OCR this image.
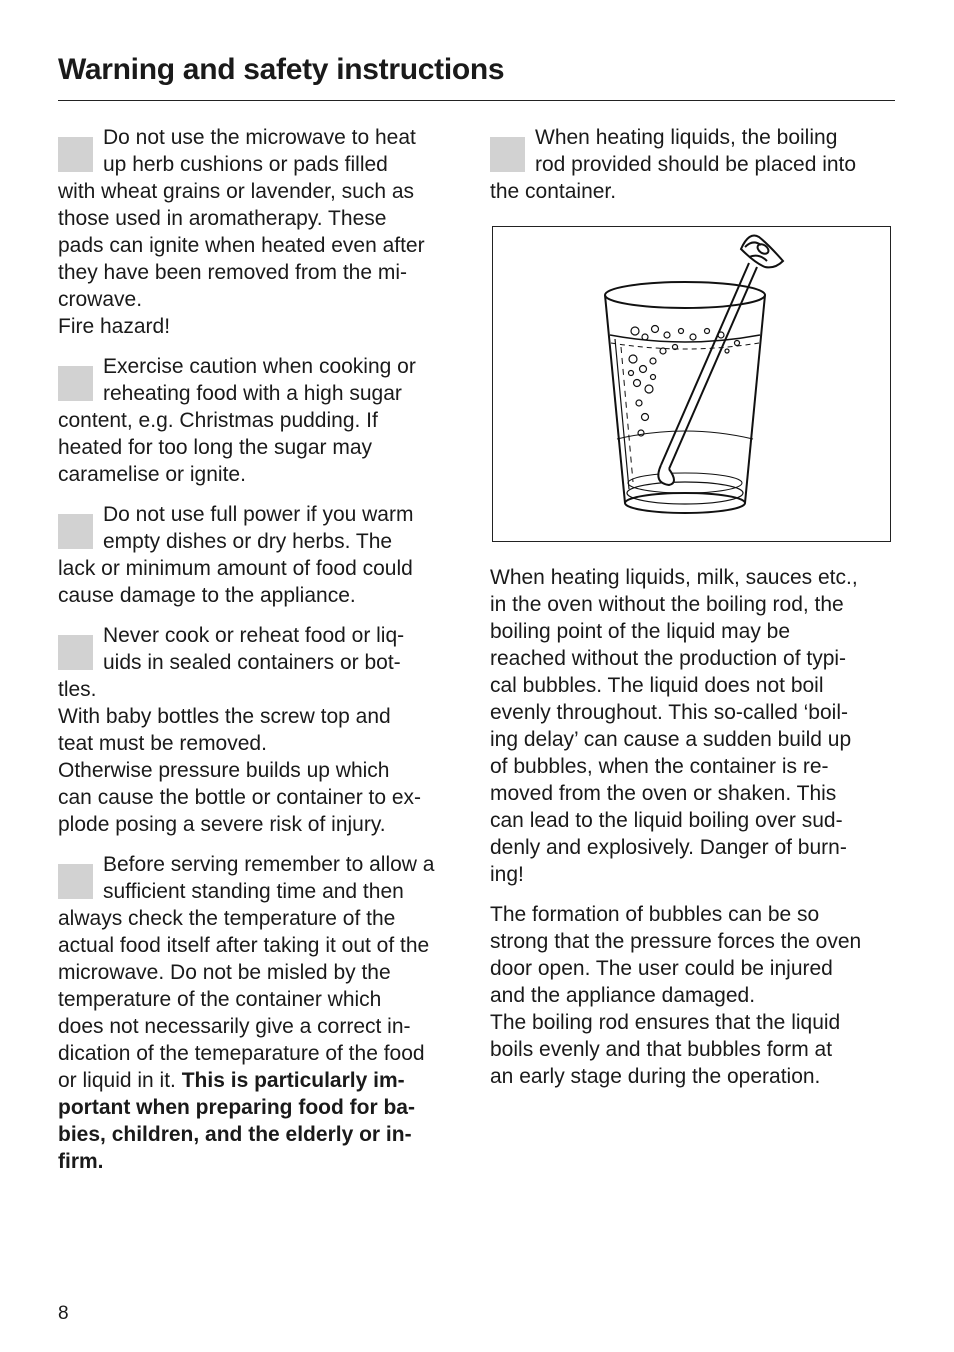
Warning and safety instructions

Do not use the microwave to heat

up herb cushions or pads filled

with wheat grains or lavender, such as

those used in aromatherapy. These

pads can ignite when heated even after

they have been removed from the mi-

crowave.

Fire hazard!

Exercise caution when cooking or

reheating food with a high sugar

content, e.g. Christmas pudding. If

heated for too long the sugar may

caramelise or ignite.

Do not use full power if you warm

empty dishes or dry herbs. The

lack or minimum amount of food could

cause damage to the appliance.

Never cook or reheat food or liq-

uids in sealed containers or bot-

tles.

With baby bottles the screw top and

teat must be removed.

Otherwise pressure builds up which

can cause the bottle or container to ex-

plode posing a severe risk of injury.

Before serving remember to allow a

sufficient standing time and then

always check the temperature of the

actual food itself after taking it out of the

microwave. Do not be misled by the

temperature of the container which

does not necessarily give a correct in-

dication of the temeparature of the food

or liquid in it. This is particularly im-

portant when preparing food for ba-

bies, children, and the elderly or in-

firm.

When heating liquids, the boiling

rod provided should be placed into

the container.

When heating liquids, milk, sauces etc.,

in the oven without the boiling rod, the

boiling point of the liquid may be

reached without the production of typi-

cal bubbles. The liquid does not boil

evenly throughout. This so-called ‘boil-

ing delay’ can cause a sudden build up

of bubbles, when the container is re-

moved from the oven or shaken. This

can lead to the liquid boiling over sud-

denly and explosively. Danger of burn-

ing!

The formation of bubbles can be so

strong that the pressure forces the oven

door open. The user could be injured

and the appliance damaged.

The boiling rod ensures that the liquid

boils evenly and that bubbles form at

an early stage during the operation.

8
